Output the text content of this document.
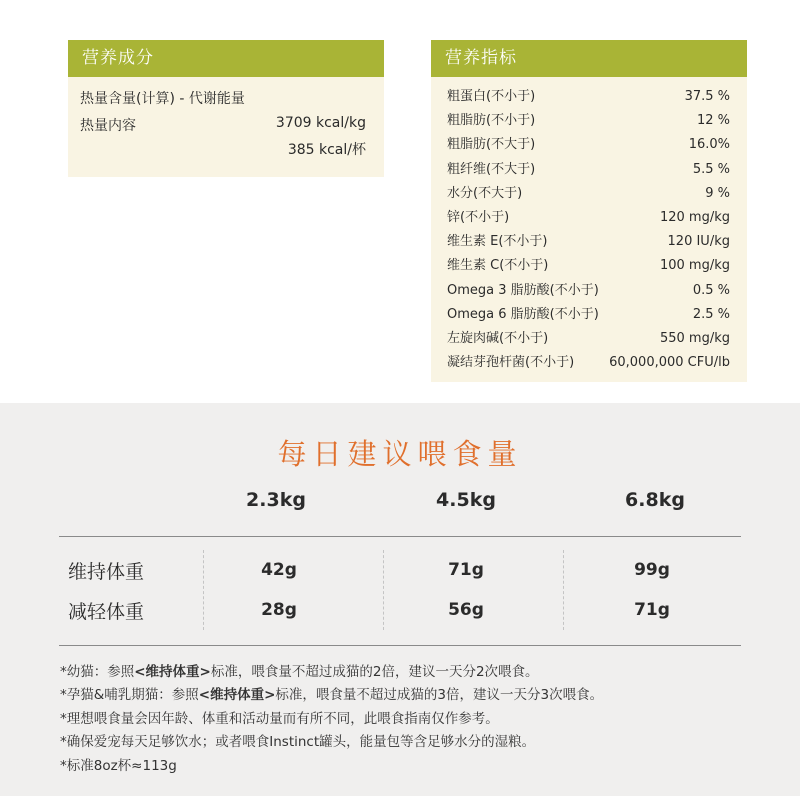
营养成分
热量含量(计算) - 代谢能量
热量内容	3709 kcal/kg
385 kcal/杯
营养指标
粗蛋白(不小于)	37.5 %
粗脂肪(不小于)	12 %
粗脂肪(不大于)	16.0%
粗纤维(不大于)	5.5 %
水分(不大于)	9 %
锌(不小于)	120 mg/kg
维生素 E(不小于)	120 IU/kg
维生素 C(不小于)	100 mg/kg
Omega 3 脂肪酸(不小于)	0.5 %
Omega 6 脂肪酸(不小于)	2.5 %
左旋肉碱(不小于)	550 mg/kg
凝结芽孢杆菌(不小于)	60,000,000 CFU/lb
每日建议喂食量
2.3kg	4.5kg	6.8kg
维持体重	42g	71g	99g
减轻体重	28g	56g	71g
*幼猫：参照<维持体重>标准，喂食量不超过成猫的2倍，建议一天分2次喂食。
*孕猫&哺乳期猫：参照<维持体重>标准，喂食量不超过成猫的3倍，建议一天分3次喂食。
*理想喂食量会因年龄、体重和活动量而有所不同，此喂食指南仅作参考。
*确保爱宠每天足够饮水；或者喂食Instinct罐头，能量包等含足够水分的湿粮。
*标准8oz杯≈113g
